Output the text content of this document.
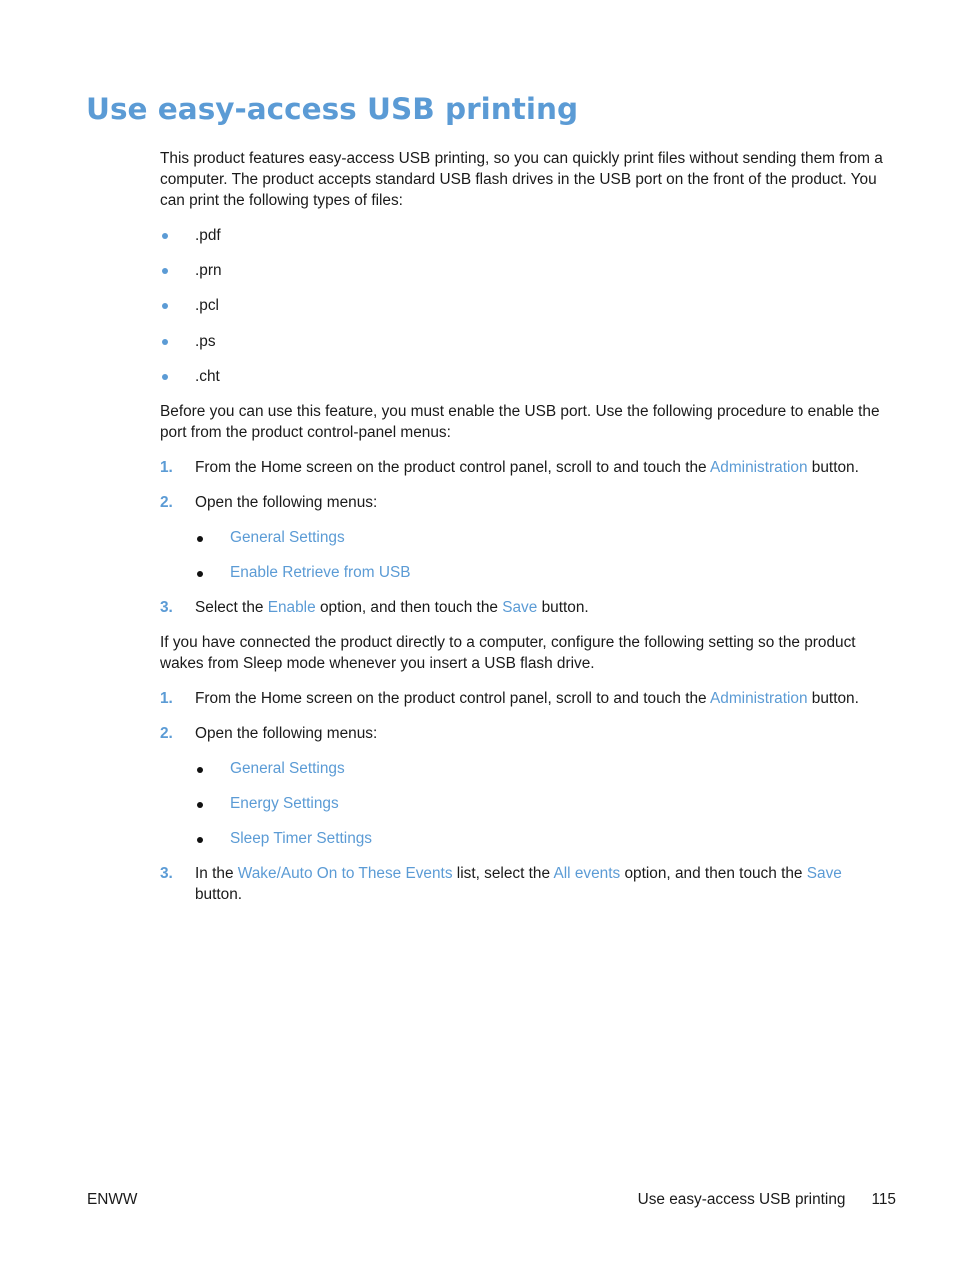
Use easy-access USB printing

This product features easy-access USB printing, so you can quickly print files without sending them from a computer. The product accepts standard USB flash drives in the USB port on the front of the product. You can print the following types of files:

.pdf
.prn
.pcl
.ps
.cht

Before you can use this feature, you must enable the USB port. Use the following procedure to enable the port from the product control-panel menus:

1. From the Home screen on the product control panel, scroll to and touch the Administration button.
2. Open the following menus:
General Settings
Enable Retrieve from USB
3. Select the Enable option, and then touch the Save button.

If you have connected the product directly to a computer, configure the following setting so the product wakes from Sleep mode whenever you insert a USB flash drive.

1. From the Home screen on the product control panel, scroll to and touch the Administration button.
2. Open the following menus:
General Settings
Energy Settings
Sleep Timer Settings
3. In the Wake/Auto On to These Events list, select the All events option, and then touch the Save button.
ENWW	Use easy-access USB printing 115
